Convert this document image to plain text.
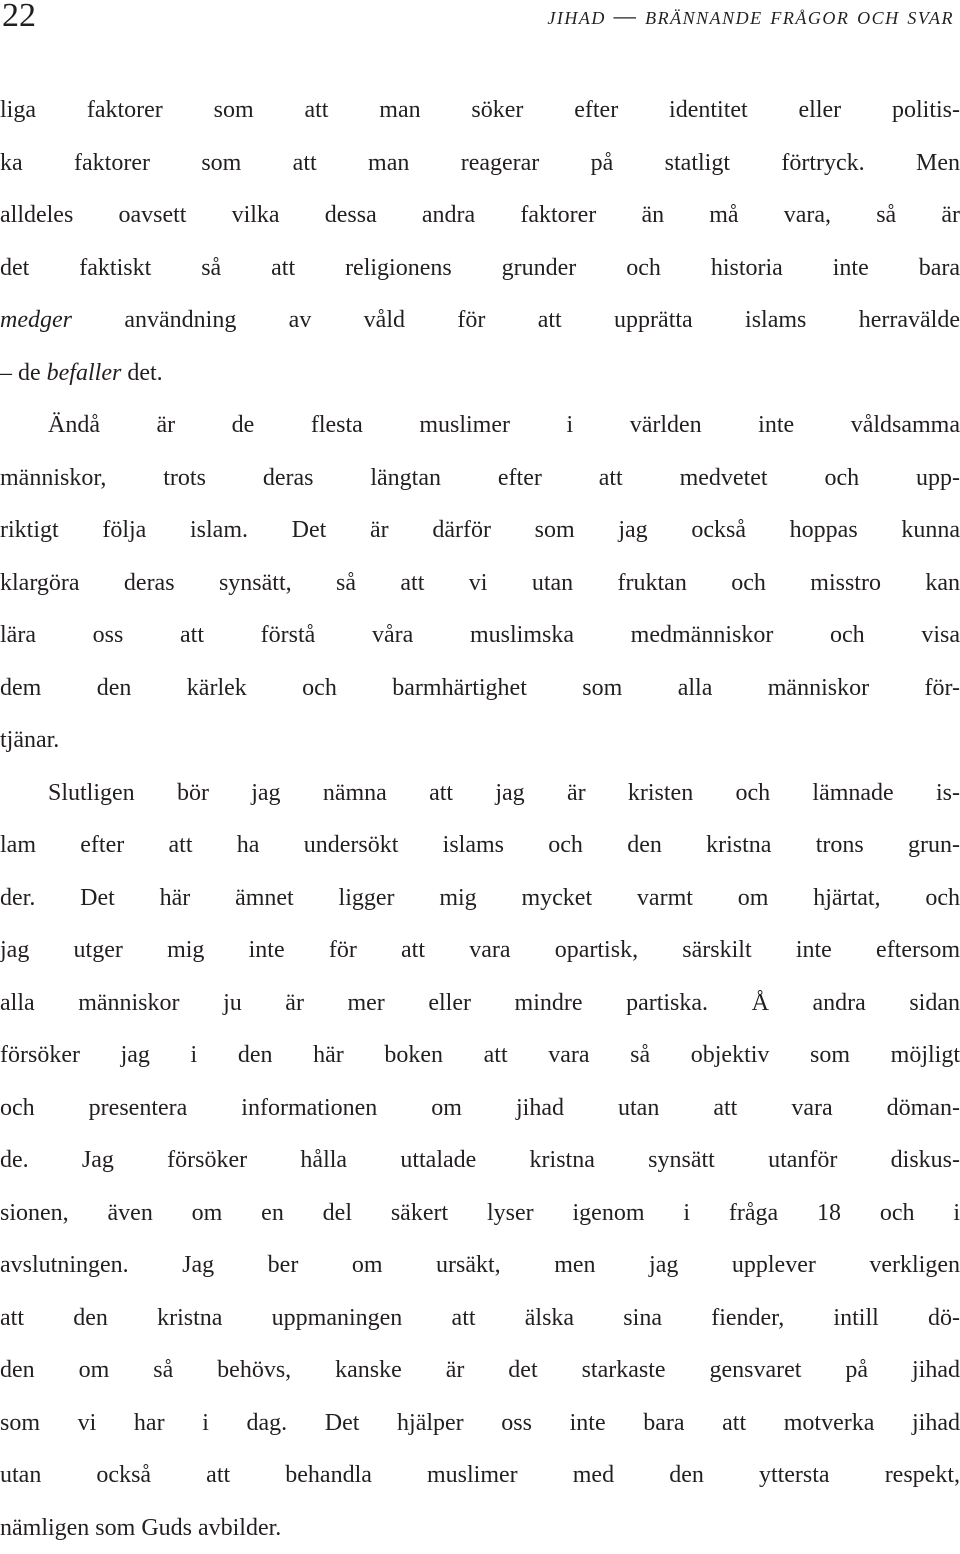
22	jihad — brännande frågor och svar
liga faktorer som att man söker efter identitet eller politis-
ka faktorer som att man reagerar på statligt förtryck. Men
alldeles oavsett vilka dessa andra faktorer än må vara, så är
det faktiskt så att religionens grunder och historia inte bara
medger användning av våld för att upprätta islams herravälde
– de befaller det.
Ändå är de flesta muslimer i världen inte våldsamma
människor, trots deras längtan efter att medvetet och upp-
riktigt följa islam. Det är därför som jag också hoppas kunna
klargöra deras synsätt, så att vi utan fruktan och misstro kan
lära oss att förstå våra muslimska medmänniskor och visa
dem den kärlek och barmhärtighet som alla människor för-
tjänar.
Slutligen bör jag nämna att jag är kristen och lämnade is-
lam efter att ha undersökt islams och den kristna trons grun-
der. Det här ämnet ligger mig mycket varmt om hjärtat, och
jag utger mig inte för att vara opartisk, särskilt inte eftersom
alla människor ju är mer eller mindre partiska. Å andra sidan
försöker jag i den här boken att vara så objektiv som möjligt
och presentera informationen om jihad utan att vara döman-
de. Jag försöker hålla uttalade kristna synsätt utanför diskus-
sionen, även om en del säkert lyser igenom i fråga 18 och i
avslutningen. Jag ber om ursäkt, men jag upplever verkligen
att den kristna uppmaningen att älska sina fiender, intill dö-
den om så behövs, kanske är det starkaste gensvaret på jihad
som vi har i dag. Det hjälper oss inte bara att motverka jihad
utan också att behandla muslimer med den yttersta respekt,
nämligen som Guds avbilder.
